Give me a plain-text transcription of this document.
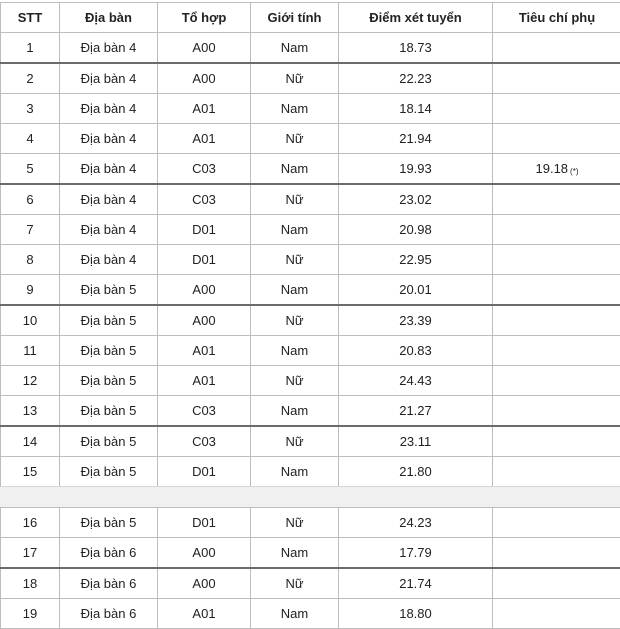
STT	Địa bàn	Tổ hợp	Giới tính	Điểm xét tuyển	Tiêu chí phụ
1	Địa bàn 4	A00	Nam	18.73	
2	Địa bàn 4	A00	Nữ	22.23	
3	Địa bàn 4	A01	Nam	18.14	
4	Địa bàn 4	A01	Nữ	21.94	
5	Địa bàn 4	C03	Nam	19.93	19.18 (*)
6	Địa bàn 4	C03	Nữ	23.02	
7	Địa bàn 4	D01	Nam	20.98	
8	Địa bàn 4	D01	Nữ	22.95	
9	Địa bàn 5	A00	Nam	20.01	
10	Địa bàn 5	A00	Nữ	23.39	
11	Địa bàn 5	A01	Nam	20.83	
12	Địa bàn 5	A01	Nữ	24.43	
13	Địa bàn 5	C03	Nam	21.27	
14	Địa bàn 5	C03	Nữ	23.11	
15	Địa bàn 5	D01	Nam	21.80	
16	Địa bàn 5	D01	Nữ	24.23	
17	Địa bàn 6	A00	Nam	17.79	
18	Địa bàn 6	A00	Nữ	21.74	
19	Địa bàn 6	A01	Nam	18.80	
